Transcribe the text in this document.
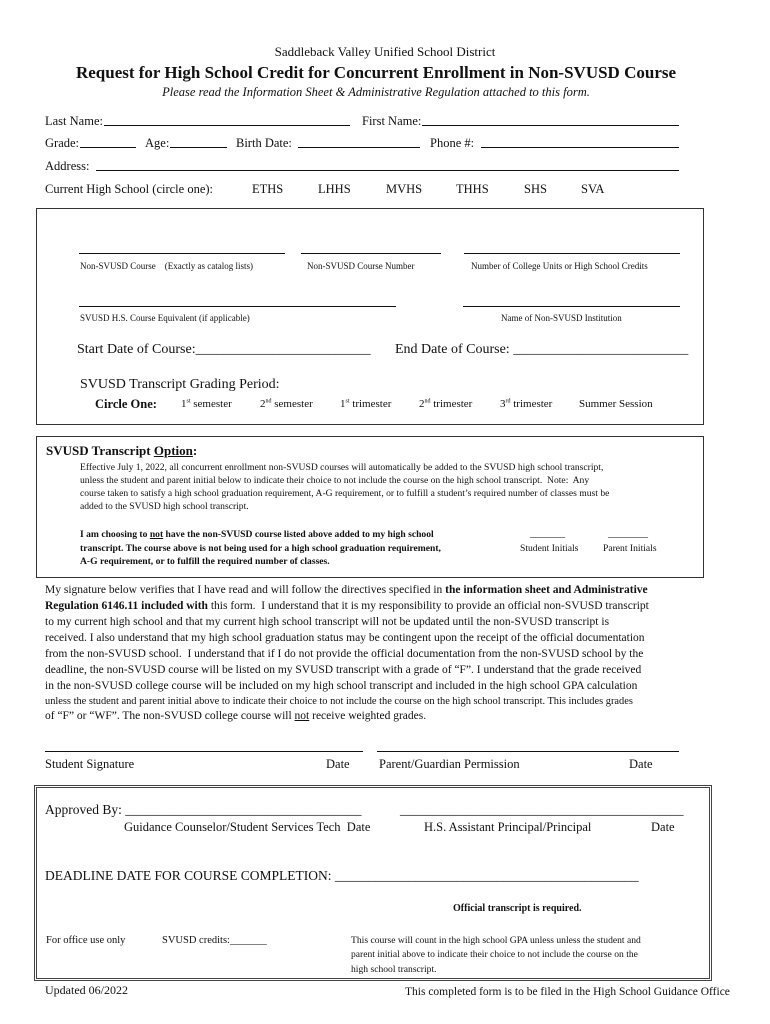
Saddleback Valley Unified School District
Request for High School Credit for Concurrent Enrollment in Non-SVUSD Course
Please read the Information Sheet & Administrative Regulation attached to this form.
Last Name:	First Name:
Grade:	Age:	Birth Date:	Phone #:
Address:
Current High School (circle one):	ETHS	LHHS	MVHS	THHS	SHS	SVA
Non-SVUSD Course    (Exactly as catalog lists)	Non-SVUSD Course Number	Number of College Units or High School Credits
SVUSD H.S. Course Equivalent (if applicable)	Name of Non-SVUSD Institution
Start Date of Course:_________________________ End Date of Course: _________________________
SVUSD Transcript Grading Period:
Circle One: 1st semester	2nd semester 1st trimester	2nd trimester	3rd trimester Summer Session
SVUSD Transcript Option:
Effective July 1, 2022, all concurrent enrollment non-SVUSD courses will automatically be added to the SVUSD high school transcript,
unless the student and parent initial below to indicate their choice to not include the course on the high school transcript.  Note:  Any
course taken to satisfy a high school graduation requirement, A-G requirement, or to fulfill a student’s required number of classes must be
added to the SVUSD high school transcript.
I am choosing to not have the non-SVUSD course listed above added to my high school
transcript. The course above is not being used for a high school graduation requirement,
A-G requirement, or to fulfill the required number of classes.
_______	________
Student Initials	Parent Initials
My signature below verifies that I have read and will follow the directives specified in the information sheet and Administrative
Regulation 6146.11 included with this form.  I understand that it is my responsibility to provide an official non-SVUSD transcript
to my current high school and that my current high school transcript will not be updated until the non-SVUSD transcript is
received. I also understand that my high school graduation status may be contingent upon the receipt of the official documentation
from the non-SVUSD school.  I understand that if I do not provide the official documentation from the non-SVUSD school by the
deadline, the non-SVUSD course will be listed on my SVUSD transcript with a grade of “F”. I understand that the grade received
in the non-SVUSD college course will be included on my high school transcript and included in the high school GPA calculation
unless the student and parent initial above to indicate their choice to not include the course on the high school transcript. This includes grades
of “F” or “WF”. The non-SVUSD college course will not receive weighted grades.
Student Signature	Date Parent/Guardian Permission	Date
Approved By: ___________________________________	__________________________________________
Guidance Counselor/Student Services Tech  Date	H.S. Assistant Principal/Principal	Date
DEADLINE DATE FOR COURSE COMPLETION: _____________________________________________
Official transcript is required.
For office use only	SVUSD credits:_______	This course will count in the high school GPA unless unless the student and
parent initial above to indicate their choice to not include the course on the
high school transcript.
Updated 06/2022	This completed form is to be filed in the High School Guidance Office
